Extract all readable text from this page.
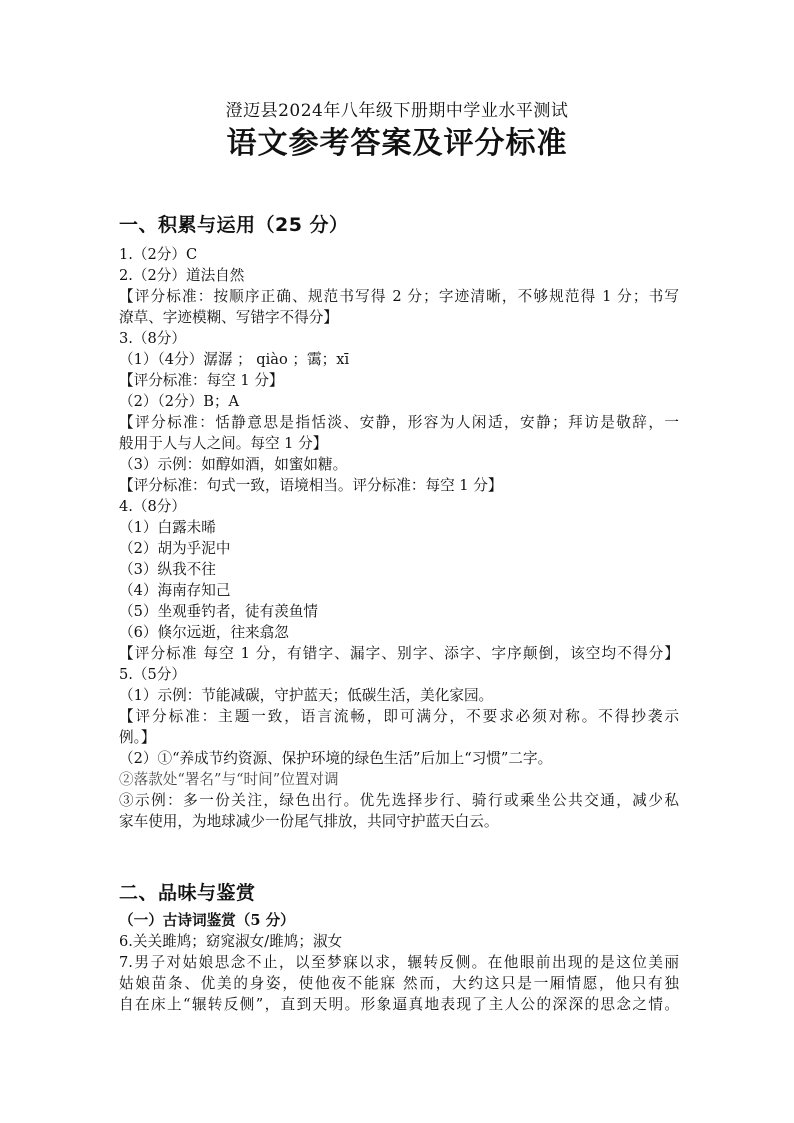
澄迈县2024年八年级下册期中学业水平测试
语文参考答案及评分标准
一、积累与运用（25 分）
1.（2分）C
2.（2分）道法自然
【评分标准：按顺序正确、规范书写得 2 分；字迹清晰，不够规范得 1 分；书写
潦草、字迹模糊、写错字不得分】
3.（8分）
（1）（4分）潺潺 ； qiào ；霭；xī
【评分标准：每空 1 分】
（2）（2分）B；A
【评分标准：恬静意思是指恬淡、安静，形容为人闲适，安静；拜访是敬辞，一
般用于人与人之间。每空 1 分】
（3）示例：如醇如酒，如蜜如糖。
【评分标准：句式一致，语境相当。评分标准：每空 1 分】
4.（8分）
（1）白露未晞
（2）胡为乎泥中
（3）纵我不往
（4）海南存知己
（5）坐观垂钓者，徒有羡鱼情
（6）倏尔远逝，往来翕忽
【评分标准 每空 1 分，有错字、漏字、别字、添字、字序颠倒，该空均不得分】
5.（5分）
（1）示例：节能减碳，守护蓝天；低碳生活，美化家园。
【评分标准：主题一致，语言流畅，即可满分，不要求必须对称。不得抄袭示
例。】
（2）①“养成节约资源、保护环境的绿色生活”后加上“习惯”二字。
②落款处“署名”与“时间”位置对调
③示例：多一份关注，绿色出行。优先选择步行、骑行或乘坐公共交通，减少私
家车使用，为地球减少一份尾气排放，共同守护蓝天白云。
二、品味与鉴赏
（一）古诗词鉴赏（5 分）
6.关关雎鸠；窈窕淑女/雎鸠；淑女
7.男子对姑娘思念不止，以至梦寐以求，辗转反侧。在他眼前出现的是这位美丽
姑娘苗条、优美的身姿，使他夜不能寐 然而，大约这只是一厢情愿，他只有独
自在床上“辗转反侧”，直到天明。形象逼真地表现了主人公的深深的思念之情。
